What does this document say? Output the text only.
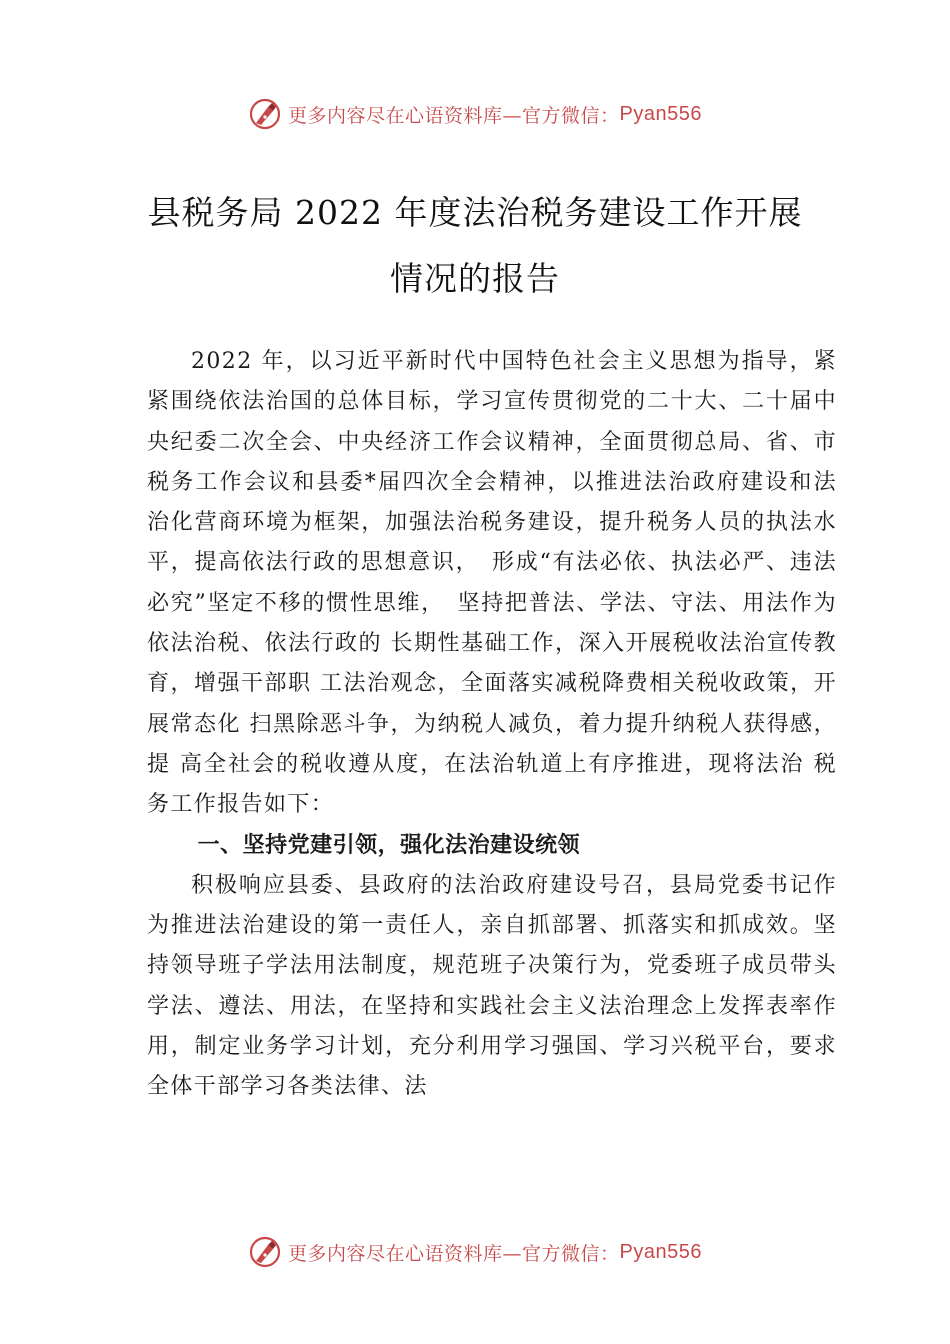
更多内容尽在心语资料库—官方微信： Pyan556
县税务局 2022 年度法治税务建设工作开展
情况的报告

2022 年，以习近平新时代中国特色社会主义思想为指导，紧紧围绕依法治国的总体目标，学习宣传贯彻党的二十大、二十届中央纪委二次全会、中央经济工作会议精神，全面贯彻总局、省、市税务工作会议和县委*届四次全会精神，以推进法治政府建设和法治化营商环境为框架，加强法治税务建设，提升税务人员的执法水平，提高依法行政的思想意识，　形成“有法必依、执法必严、违法必究”坚定不移的惯性思维，　坚持把普法、学法、守法、用法作为依法治税、依法行政的 长期性基础工作，深入开展税收法治宣传教育，增强干部职 工法治观念，全面落实减税降费相关税收政策，开展常态化 扫黑除恶斗争，为纳税人减负，着力提升纳税人获得感，提 高全社会的税收遵从度，在法治轨道上有序推进，现将法治 税务工作报告如下：

一、坚持党建引领，强化法治建设统领

积极响应县委、县政府的法治政府建设号召，县局党委书记作为推进法治建设的第一责任人，亲自抓部署、抓落实和抓成效。坚持领导班子学法用法制度，规范班子决策行为，党委班子成员带头学法、遵法、用法，在坚持和实践社会主义法治理念上发挥表率作用，制定业务学习计划，充分利用学习强国、学习兴税平台，要求全体干部学习各类法律、法

更多内容尽在心语资料库—官方微信： Pyan556
